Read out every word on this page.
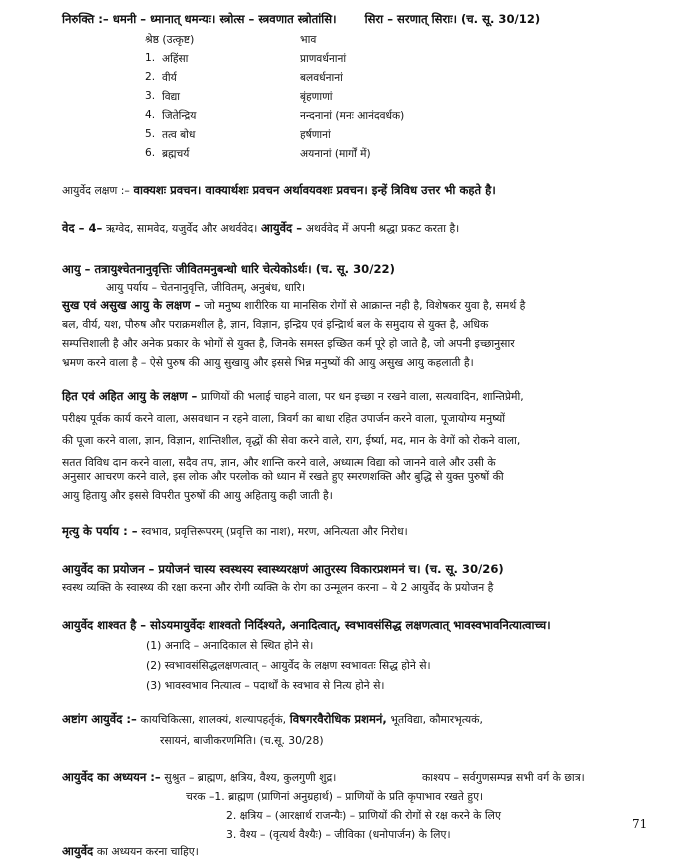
निरुक्ति :– धमनी – ध्मानात् धमन्यः। स्त्रोत्स – स्त्रवणात स्त्रोतांसि। सिरा – सरणात् सिराः। (च. सू. 30/12)
श्रेष्ठ (उत्कृष्ट)	भाव
1. अहिंसा	प्राणवर्धनानां
2. वीर्य	बलवर्धनानां
3. विद्या	बृंहणाणां
4. जितेन्द्रिय	नन्दनानां (मनः आनंदवर्धक)
5. तत्व बोध	हर्षणानां
6. ब्रह्मचर्य	अयनानां (मार्गों में)
आयुर्वेद लक्षण :– वाक्यशः प्रवचन। वाक्यार्थशः प्रवचन अर्थावयवशः प्रवचन। इन्हें त्रिविध उत्तर भी कहते है।
वेद – 4– ऋग्वेद, सामवेद, यजुर्वेद और अथर्ववेद। आयुर्वेद – अथर्ववेद में अपनी श्रद्धा प्रकट करता है।
आयु – तत्रायुश्चेतनानुवृत्तिः जीवितमनुबन्धो धारि चेत्येकोऽर्थः। (च. सू. 30/22)
आयु पर्याय – चेतनानुवृत्ति, जीवितम्, अनुबंध, धारि।
सुख एवं असुख आयु के लक्षण – जो मनुष्य शारीरिक या मानसिक रोगों से आक्रान्त नही है, विशेषकर युवा है, समर्थ है
बल, वीर्य, यश, पौरुष और पराक्रमशील है, ज्ञान, विज्ञान, इन्द्रिय एवं इन्द्रिार्थ बल के समुदाय से युक्त है, अधिक
सम्पत्तिशाली है और अनेक प्रकार के भोगों से युक्त है, जिनके समस्त इच्छित कर्म पूरे हो जाते है, जो अपनी इच्छानुसार
भ्रमण करने वाला है – ऐसे पुरुष की आयु सुखायु और इससे भिन्न मनुष्यों की आयु असुख आयु कहलाती है।
हित एवं अहित आयु के लक्षण – प्राणियों की भलाई चाहने वाला, पर धन इच्छा न रखने वाला, सत्यवादिन, शान्तिप्रेमी,
परीक्ष्य पूर्वक कार्य करने वाला, असवधान न रहने वाला, त्रिवर्ग का बाधा रहित उपार्जन करने वाला, पूजायोग्य मनुष्यों
की पूजा करने वाला, ज्ञान, विज्ञान, शान्तिशील, वृद्धों की सेवा करने वाले, राग, ईर्ष्या, मद, मान के वेगों को रोकने वाला,
सतत विविध दान करने वाला, सदैव तप, ज्ञान, और शान्ति करने वाले, अध्यात्म विद्या को जानने वाले और उसी के
अनुसार आचरण करने वाले, इस लोक और परलोक को ध्यान में रखते हुए स्मरणशक्ति और बुद्धि से युक्त पुरुषों की
आयु हितायु और इससे विपरीत पुरुषों की आयु अहितायु कही जाती है।
मृत्यु के पर्याय : – स्वभाव, प्रवृत्तिरूपरम् (प्रवृत्ति का नाश), मरण, अनित्यता और निरोध।
आयुर्वेद का प्रयोजन – प्रयोजनं चास्य स्वस्थस्य स्वास्थ्यरक्षणं आतुरस्य विकारप्रशमनं च। (च. सू. 30/26)
स्वस्थ व्यक्ति के स्वास्थ्य की रक्षा करना और रोगी व्यक्ति के रोग का उन्मूलन करना – ये 2 आयुर्वेद के प्रयोजन है
आयुर्वेद शाश्वत है – सोऽयमायुर्वेदः शाश्वतो निर्दिश्यते, अनादित्वात्, स्वभावसंसिद्ध लक्षणत्वात् भावस्वभावनित्यात्वाच्च।
(1) अनादि – अनादिकाल से स्थित होने से।
(2) स्वभावसंसिद्धलक्षणत्वात् – आयुर्वेद के लक्षण स्वभावतः सिद्ध होने से।
(3) भावस्वभाव नित्यात्व – पदार्थों के स्वभाव से नित्य होने से।
अष्टांग आयुर्वेद :– कायचिकित्सा, शालक्यं, शल्यापहर्तृकं, विषगरवैरोधिक प्रशमनं, भूतविद्या, कौमारभृत्यकं,
रसायनं, बाजीकरणमिति। (च.सू. 30/28)
आयुर्वेद का अध्ययन :– सुश्रुत – ब्राह्मण, क्षत्रिय, वैश्य, कुलगुणी शुद्र।	काश्यप – सर्वगुणसम्पन्न सभी वर्ग के छात्र।
चरक –1. ब्राह्मण (प्राणिनां अनुग्रहार्थ) – प्राणियों के प्रति कृपाभाव रखते हुए।
2. क्षत्रिय – (आरक्षार्थ राजन्यैः) – प्राणियों की रोगों से रक्ष करने के लिए
3. वैश्य – (वृत्यर्थ वैश्यैः) – जीविका (धनोपार्जन) के लिए।
आयुर्वेद का अध्ययन करना चाहिए।
71
